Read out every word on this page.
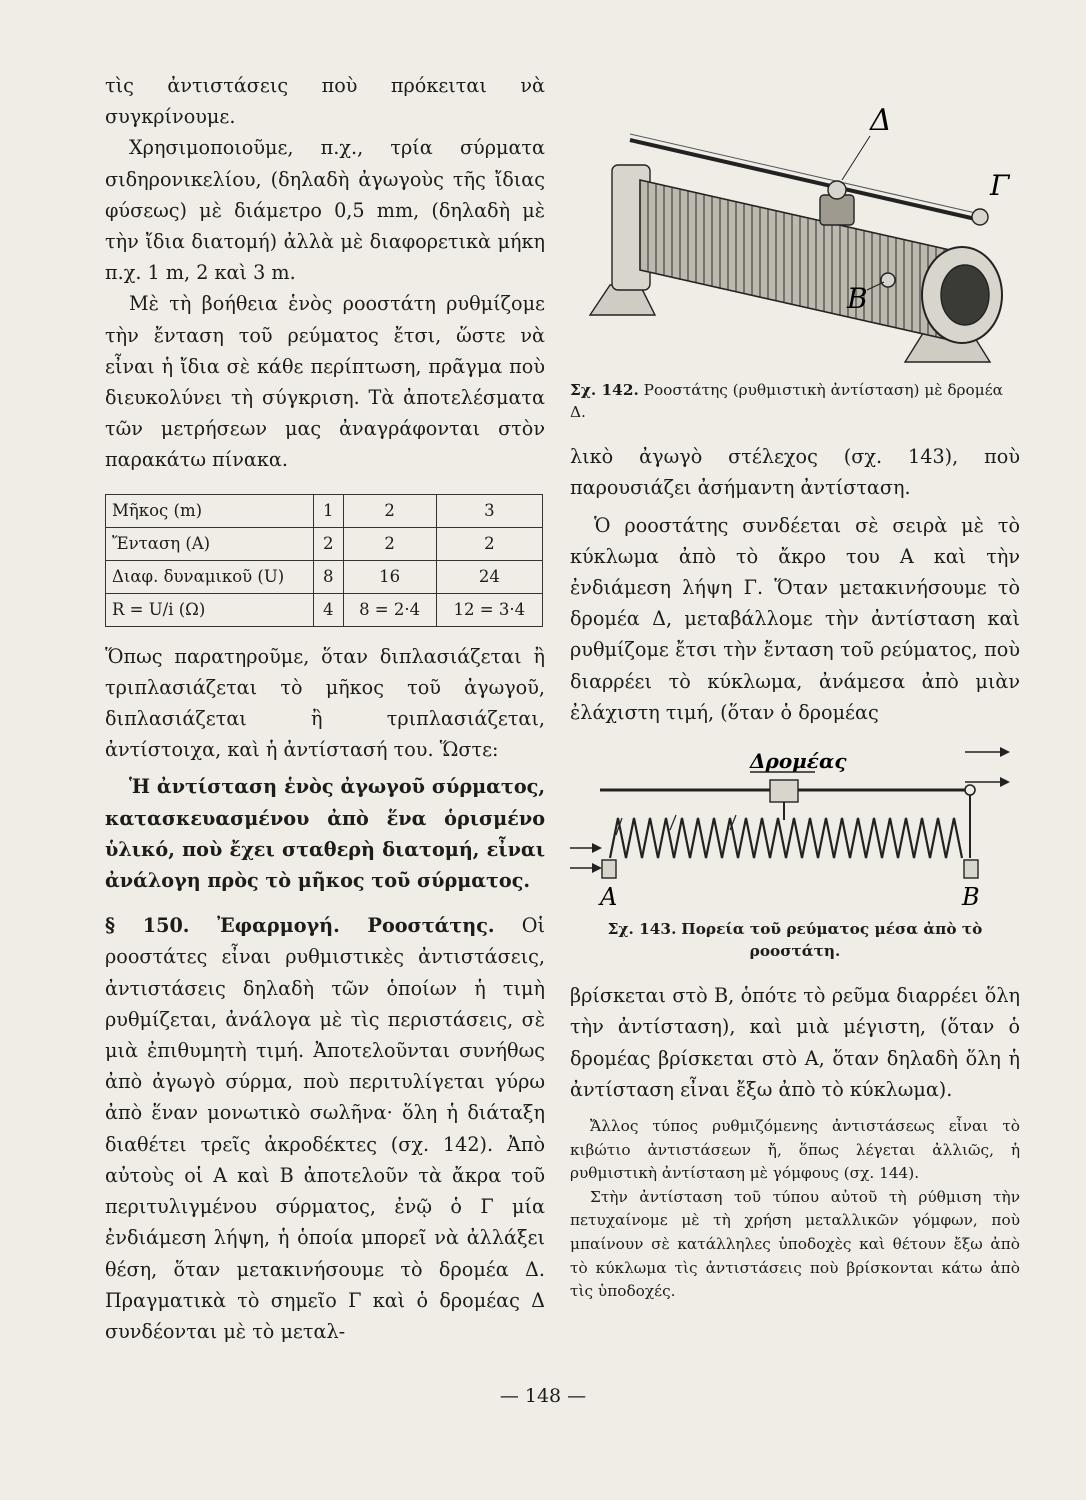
τὶς ἀντιστάσεις ποὺ πρόκειται νὰ συγκρίνουμε.

Χρησιμοποιοῦμε, π.χ., τρία σύρματα σιδηρονικελίου, (δηλαδὴ ἀγωγοὺς τῆς ἴδιας φύσεως) μὲ διάμετρο 0,5 mm, (δηλαδὴ μὲ τὴν ἴδια διατομή) ἀλλὰ μὲ διαφορετικὰ μήκη π.χ. 1 m, 2 καὶ 3 m.

Μὲ τὴ βοήθεια ἑνὸς ροοστάτη ρυθμίζομε τὴν ἔνταση τοῦ ρεύματος ἔτσι, ὥστε νὰ εἶναι ἡ ἴδια σὲ κάθε περίπτωση, πρᾶγμα ποὺ διευκολύνει τὴ σύγκριση. Τὰ ἀποτελέσματα τῶν μετρήσεων μας ἀναγράφονται στὸν παρακάτω πίνακα.

Μῆκος (m)	1	2	3
Ἔνταση (A)	2	2	2
Διαφ. δυναμικοῦ (U)	8	16	24
R = U/i (Ω)	4	8 = 2·4	12 = 3·4

Ὅπως παρατηροῦμε, ὅταν διπλασιάζεται ἢ τριπλασιάζεται τὸ μῆκος τοῦ ἀγωγοῦ, διπλασιάζεται ἢ τριπλασιάζεται, ἀντίστοιχα, καὶ ἡ ἀντίστασή του. Ὥστε:

Ἡ ἀντίσταση ἑνὸς ἀγωγοῦ σύρματος, κατασκευασμένου ἀπὸ ἕνα ὁρισμένο ὑλικό, ποὺ ἔχει σταθερὴ διατομή, εἶναι ἀνάλογη πρὸς τὸ μῆκος τοῦ σύρματος.

§ 150. Ἐφαρμογή. Ροοστάτης. Οἱ ροοστάτες εἶναι ρυθμιστικὲς ἀντιστάσεις, ἀντιστάσεις δηλαδὴ τῶν ὁποίων ἡ τιμὴ ρυθμίζεται, ἀνάλογα μὲ τὶς περιστάσεις, σὲ μιὰ ἐπιθυμητὴ τιμή. Ἀποτελοῦνται συνήθως ἀπὸ ἀγωγὸ σύρμα, ποὺ περιτυλίγεται γύρω ἀπὸ ἕναν μονωτικὸ σωλῆνα· ὅλη ἡ διάταξη διαθέτει τρεῖς ἀκροδέκτες (σχ. 142). Ἀπὸ αὐτοὺς οἱ A καὶ B ἀποτελοῦν τὰ ἄκρα τοῦ περιτυλιγμένου σύρματος, ἐνῷ ὁ Γ μία ἐνδιάμεση λήψη, ἡ ὁποία μπορεῖ νὰ ἀλλάξει θέση, ὅταν μετακινήσουμε τὸ δρομέα Δ. Πραγματικὰ τὸ σημεῖο Γ καὶ ὁ δρομέας Δ συνδέονται μὲ τὸ μεταλ-

Δ
Γ
B

Σχ. 142. Ροοστάτης (ρυθμιστικὴ ἀντίσταση) μὲ δρομέα Δ.

λικὸ ἀγωγὸ στέλεχος (σχ. 143), ποὺ παρουσιάζει ἀσήμαντη ἀντίσταση.

Ὁ ροοστάτης συνδέεται σὲ σειρὰ μὲ τὸ κύκλωμα ἀπὸ τὸ ἄκρο του A καὶ τὴν ἐνδιάμεση λήψη Γ. Ὅταν μετακινήσουμε τὸ δρομέα Δ, μεταβάλλομε τὴν ἀντίσταση καὶ ρυθμίζομε ἔτσι τὴν ἔνταση τοῦ ρεύματος, ποὺ διαρρέει τὸ κύκλωμα, ἀνάμεσα ἀπὸ μιὰν ἐλάχιστη τιμή, (ὅταν ὁ δρομέας

Δρομέας
A	B

Σχ. 143. Πορεία τοῦ ρεύματος μέσα ἀπὸ τὸ ροοστάτη.

βρίσκεται στὸ B, ὁπότε τὸ ρεῦμα διαρρέει ὅλη τὴν ἀντίσταση), καὶ μιὰ μέγιστη, (ὅταν ὁ δρομέας βρίσκεται στὸ A, ὅταν δηλαδὴ ὅλη ἡ ἀντίσταση εἶναι ἔξω ἀπὸ τὸ κύκλωμα).

Ἄλλος τύπος ρυθμιζόμενης ἀντιστάσεως εἶναι τὸ κιβώτιο ἀντιστάσεων ἤ, ὅπως λέγεται ἀλλιῶς, ἡ ρυθμιστικὴ ἀντίσταση μὲ γόμφους (σχ. 144).

Στὴν ἀντίσταση τοῦ τύπου αὐτοῦ τὴ ρύθμιση τὴν πετυχαίνομε μὲ τὴ χρήση μεταλλικῶν γόμφων, ποὺ μπαίνουν σὲ κατάλληλες ὑποδοχὲς καὶ θέτουν ἔξω ἀπὸ τὸ κύκλωμα τὶς ἀντιστάσεις ποὺ βρίσκονται κάτω ἀπὸ τὶς ὑποδοχές.

— 148 —
